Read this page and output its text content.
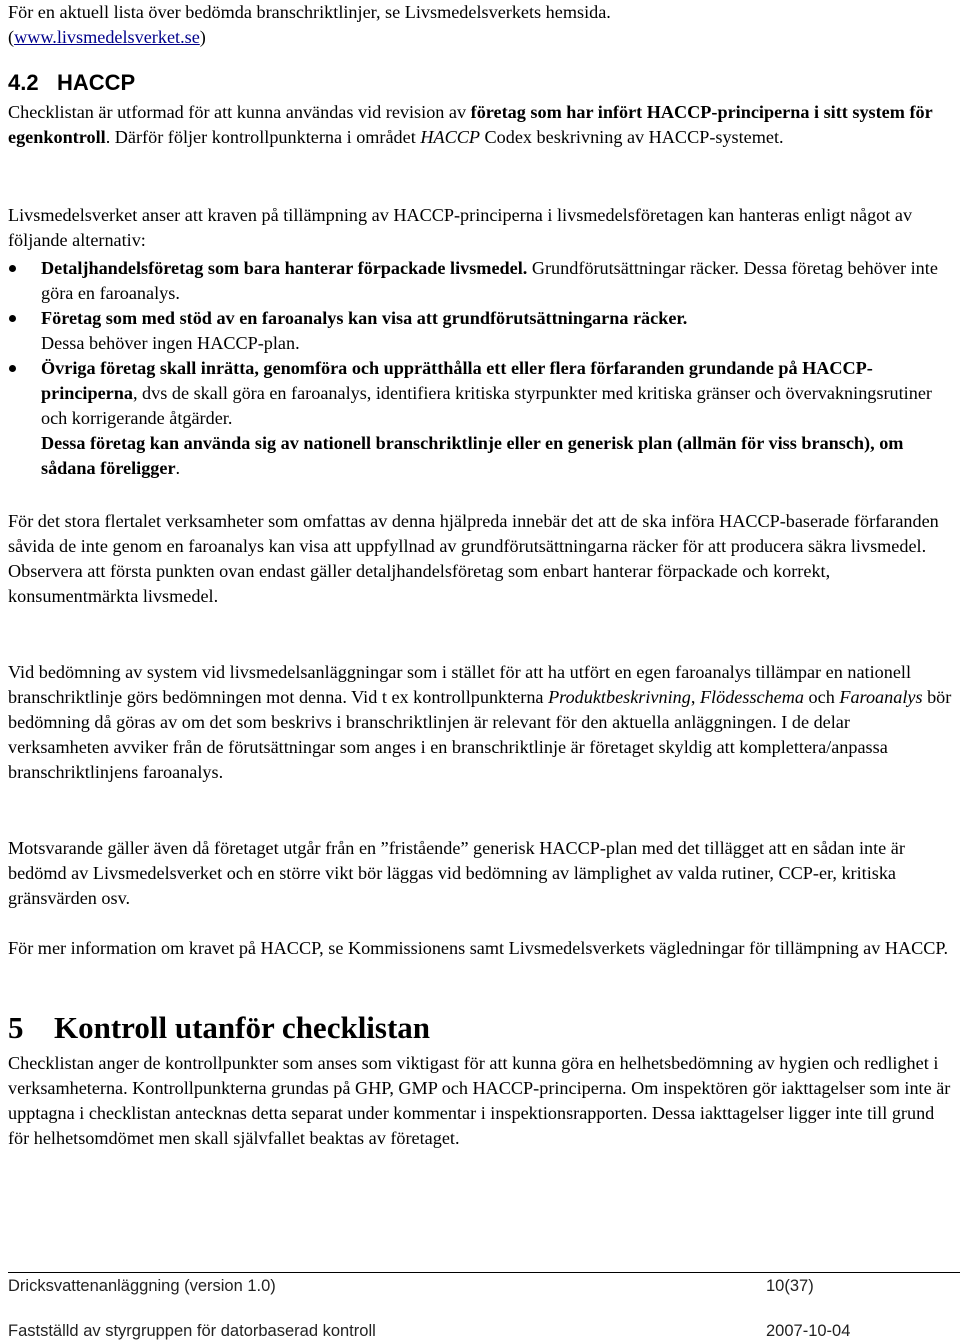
För en aktuell lista över bedömda branschriktlinjer, se Livsmedelsverkets hemsida.

(www.livsmedelsverket.se)

4.2 HACCP

Checklistan är utformad för att kunna användas vid revision av företag som har infört HACCP-principerna i sitt system för egenkontroll. Därför följer kontrollpunkterna i området HACCP Codex beskrivning av HACCP-systemet.

Livsmedelsverket anser att kraven på tillämpning av HACCP-principerna i livsmedelsföretagen kan hanteras enligt något av följande alternativ:

Detaljhandelsföretag som bara hanterar förpackade livsmedel. Grundförutsättningar räcker. Dessa företag behöver inte göra en faroanalys.
Företag som med stöd av en faroanalys kan visa att grundförutsättningarna räcker.
Dessa behöver ingen HACCP-plan.
Övriga företag skall inrätta, genomföra och upprätthålla ett eller flera förfaranden grundande på HACCP-principerna, dvs de skall göra en faroanalys, identifiera kritiska styrpunkter med kritiska gränser och övervakningsrutiner och korrigerande åtgärder.
Dessa företag kan använda sig av nationell branschriktlinje eller en generisk plan (allmän för viss bransch), om sådana föreligger.

För det stora flertalet verksamheter som omfattas av denna hjälpreda innebär det att de ska införa HACCP-baserade förfaranden såvida de inte genom en faroanalys kan visa att uppfyllnad av grundförutsättningarna räcker för att producera säkra livsmedel. Observera att första punkten ovan endast gäller detaljhandelsföretag som enbart hanterar förpackade och korrekt, konsumentmärkta livsmedel.

Vid bedömning av system vid livsmedelsanläggningar som i stället för att ha utfört en egen faroanalys tillämpar en nationell branschriktlinje görs bedömningen mot denna. Vid t ex kontrollpunkterna Produktbeskrivning, Flödesschema och Faroanalys bör bedömning då göras av om det som beskrivs i branschriktlinjen är relevant för den aktuella anläggningen. I de delar verksamheten avviker från de förutsättningar som anges i en branschriktlinje är företaget skyldig att komplettera/anpassa branschriktlinjens faroanalys.

Motsvarande gäller även då företaget utgår från en ”fristående” generisk HACCP-plan med det tillägget att en sådan inte är bedömd av Livsmedelsverket och en större vikt bör läggas vid bedömning av lämplighet av valda rutiner, CCP-er, kritiska gränsvärden osv.

För mer information om kravet på HACCP, se Kommissionens samt Livsmedelsverkets vägledningar för tillämpning av HACCP.

5 Kontroll utanför checklistan

Checklistan anger de kontrollpunkter som anses som viktigast för att kunna göra en helhetsbedömning av hygien och redlighet i verksamheterna. Kontrollpunkterna grundas på GHP, GMP och HACCP-principerna. Om inspektören gör iakttagelser som inte är upptagna i checklistan antecknas detta separat under kommentar i inspektionsrapporten. Dessa iakttagelser ligger inte till grund för helhetsomdömet men skall självfallet beaktas av företaget.

Dricksvattenanläggning (version 1.0)	10(37)
Fastställd av styrgruppen för datorbaserad kontroll	2007-10-04
